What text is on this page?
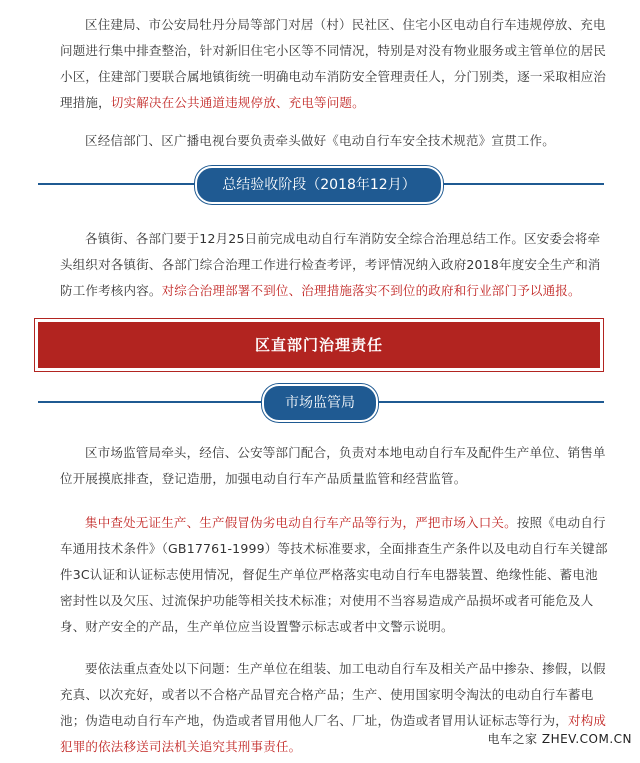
区住建局、市公安局牡丹分局等部门对居（村）民社区、住宅小区电动自行车违规停放、充电问题进行集中排查整治，针对新旧住宅小区等不同情况，特别是对没有物业服务或主管单位的居民小区，住建部门要联合属地镇街统一明确电动车消防安全管理责任人，分门别类，逐一采取相应治理措施，切实解决在公共通道违规停放、充电等问题。

区经信部门、区广播电视台要负责牵头做好《电动自行车安全技术规范》宣贯工作。

总结验收阶段（2018年12月）

各镇街、各部门要于12月25日前完成电动自行车消防安全综合治理总结工作。区安委会将牵头组织对各镇街、各部门综合治理工作进行检查考评，考评情况纳入政府2018年度安全生产和消防工作考核内容。对综合治理部署不到位、治理措施落实不到位的政府和行业部门予以通报。

区直部门治理责任
市场监管局

区市场监管局牵头，经信、公安等部门配合，负责对本地电动自行车及配件生产单位、销售单位开展摸底排查，登记造册，加强电动自行车产品质量监管和经营监管。

集中查处无证生产、生产假冒伪劣电动自行车产品等行为，严把市场入口关。按照《电动自行车通用技术条件》（GB17761-1999）等技术标准要求，全面排查生产条件以及电动自行车关键部件3C认证和认证标志使用情况，督促生产单位严格落实电动自行车电器装置、绝缘性能、蓄电池密封性以及欠压、过流保护功能等相关技术标准；对使用不当容易造成产品损坏或者可能危及人身、财产安全的产品，生产单位应当设置警示标志或者中文警示说明。

要依法重点查处以下问题：生产单位在组装、加工电动自行车及相关产品中掺杂、掺假，以假充真、以次充好，或者以不合格产品冒充合格产品；生产、使用国家明令淘汰的电动自行车蓄电池；伪造电动自行车产地，伪造或者冒用他人厂名、厂址，伪造或者冒用认证标志等行为，对构成犯罪的依法移送司法机关追究其刑事责任。	电车之家 ZHEV.COM.CN
